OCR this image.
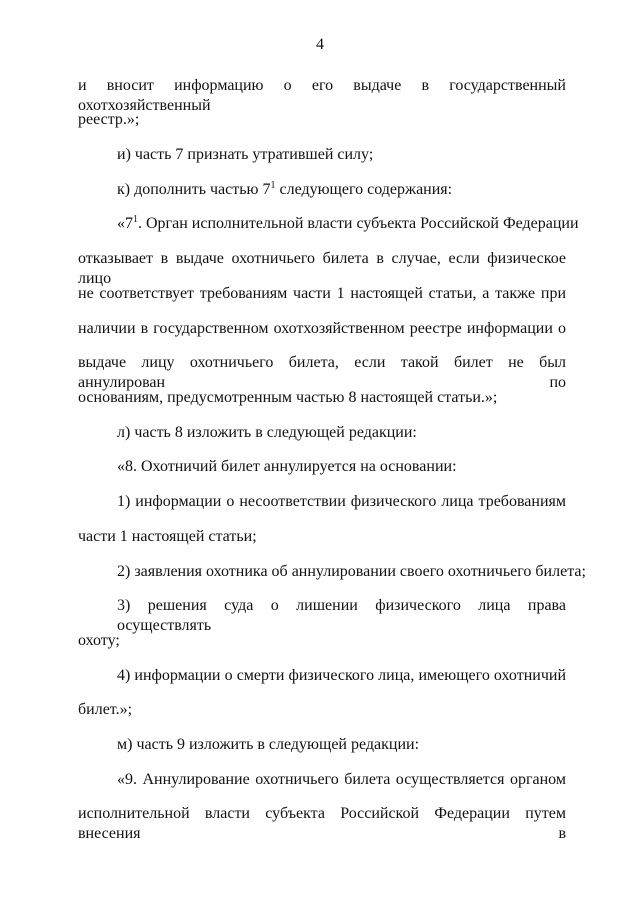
4
и вносит информацию о его выдаче в государственный охотхозяйственный
реестр.»;
и) часть 7 признать утратившей силу;
к) дополнить частью $7^1$ следующего содержания:
«$7^1$. Орган исполнительной власти субъекта Российской Федерации
отказывает в выдаче охотничьего билета в случае, если физическое лицо
не соответствует требованиям части 1 настоящей статьи, а также при
наличии в государственном охотхозяйственном реестре информации о
выдаче лицу охотничьего билета, если такой билет не был аннулирован по
основаниям, предусмотренным частью 8 настоящей статьи.»;
л) часть 8 изложить в следующей редакции:
«8. Охотничий билет аннулируется на основании:
1) информации о несоответствии физического лица требованиям
части 1 настоящей статьи;
2) заявления охотника об аннулировании своего охотничьего билета;
3) решения суда о лишении физического лица права осуществлять
охоту;
4) информации о смерти физического лица, имеющего охотничий
билет.»;
м) часть 9 изложить в следующей редакции:
«9. Аннулирование охотничьего билета осуществляется органом
исполнительной власти субъекта Российской Федерации путем внесения в
